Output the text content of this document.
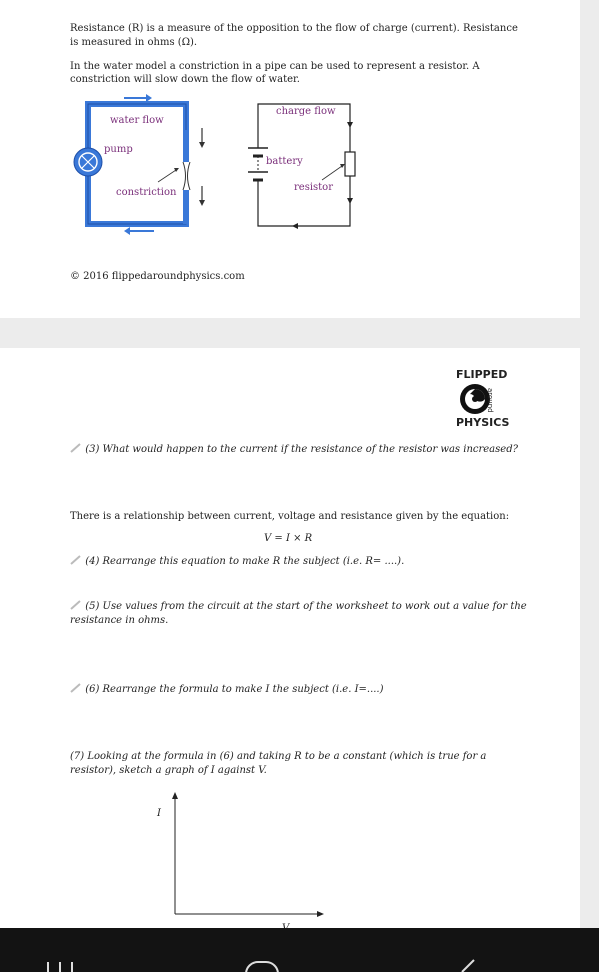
Resistance (R) is a measure of the opposition to the flow of charge (current). Resistance
is measured in ohms (Ω).
In the water model a constriction in a pipe can be used to represent a resistor. A
constriction will slow down the flow of water.
water flow
pump
constriction
charge flow
battery
resistor
© 2016 flippedaroundphysics.com
FLIPPED
around
PHYSICS
(3) What would happen to the current if the resistance of the resistor was increased?
There is a relationship between current, voltage and resistance given by the equation:
V = I × R
(4) Rearrange this equation to make R the subject (i.e. R= ....).
(5) Use values from the circuit at the start of the worksheet to work out a value for the
resistance in ohms.
(6) Rearrange the formula to make I the subject (i.e. I=....)
(7) Looking at the formula in (6) and taking R to be a constant (which is true for a
resistor), sketch a graph of I against V.
I
